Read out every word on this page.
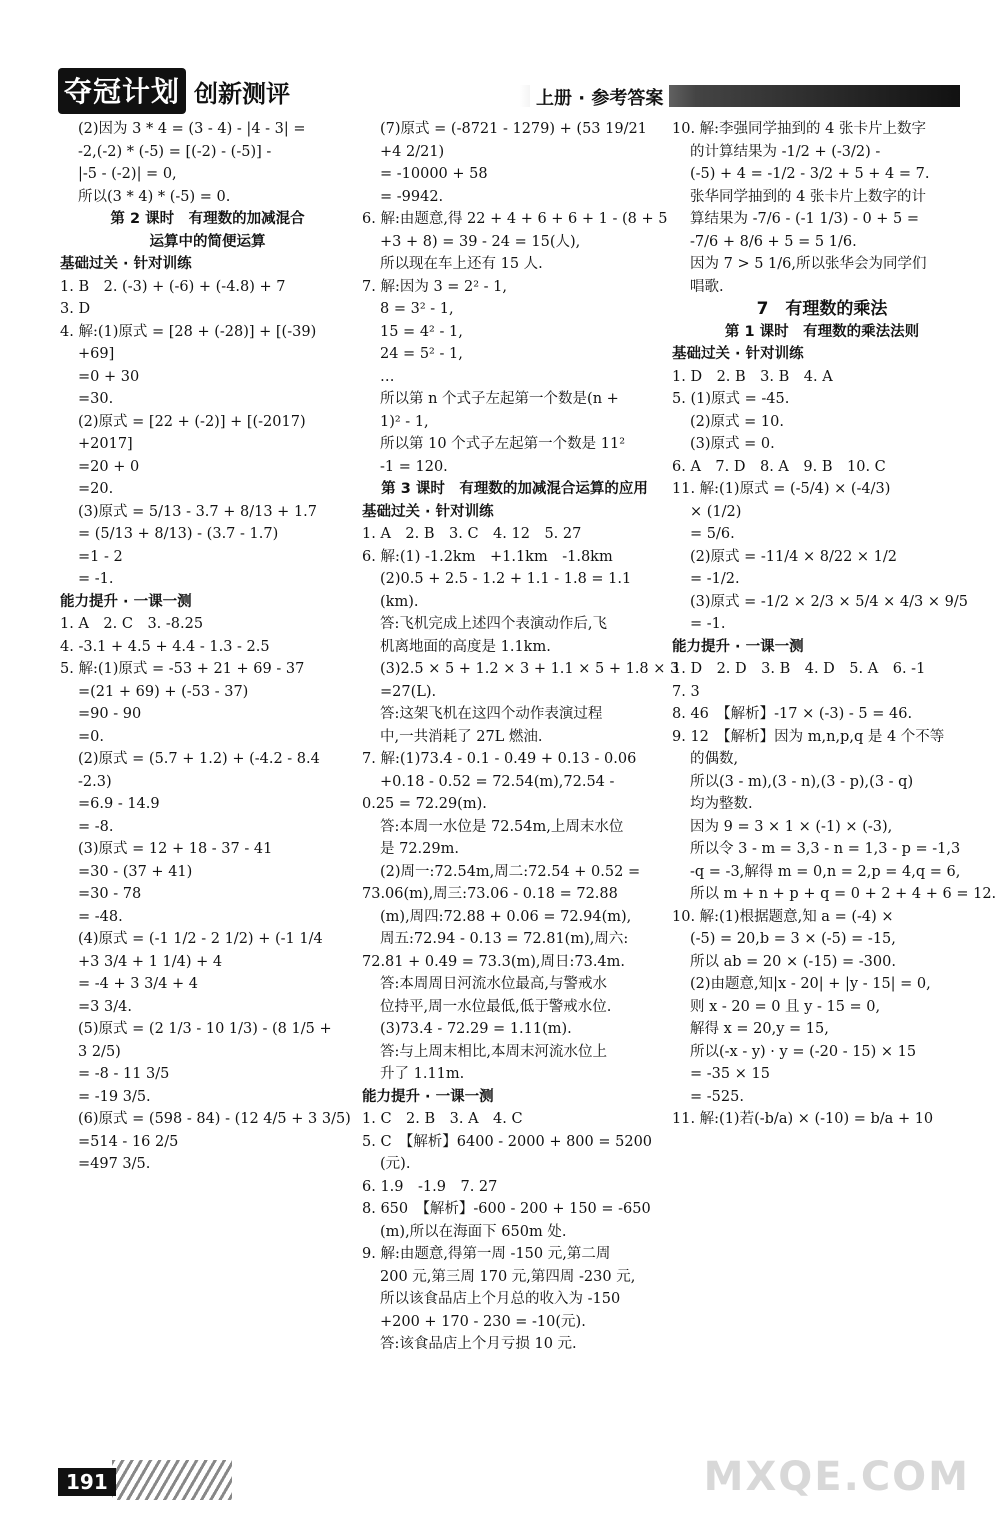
夺冠计划 创新测评	上册 · 参考答案
(2)因为 3 * 4 = (3 - 4) - |4 - 3| =
-2,(-2) * (-5) = [(-2) - (-5)] -
|-5 - (-2)| = 0,
所以(3 * 4) * (-5) = 0.
第 2 课时　有理数的加减混合
运算中的简便运算
基础过关 · 针对训练
1. B　2. (-3) + (-6) + (-4.8) + 7
3. D
4. 解:(1)原式 = [28 + (-28)] + [(-39)
+69]
=0 + 30
=30.
(2)原式 = [22 + (-2)] + [(-2017)
+2017]
=20 + 0
=20.
(3)原式 = 5/13 - 3.7 + 8/13 + 1.7
= (5/13 + 8/13) - (3.7 - 1.7)
=1 - 2
= -1.
能力提升 · 一课一测
1. A　2. C　3. -8.25
4. -3.1 + 4.5 + 4.4 - 1.3 - 2.5
5. 解:(1)原式 = -53 + 21 + 69 - 37
=(21 + 69) + (-53 - 37)
=90 - 90
=0.
(2)原式 = (5.7 + 1.2) + (-4.2 - 8.4
-2.3)
=6.9 - 14.9
= -8.
(3)原式 = 12 + 18 - 37 - 41
=30 - (37 + 41)
=30 - 78
= -48.
(4)原式 = (-1 1/2 - 2 1/2) + (-1 1/4
+3 3/4 + 1 1/4) + 4
= -4 + 3 3/4 + 4
=3 3/4.
(5)原式 = (2 1/3 - 10 1/3) - (8 1/5 +
3 2/5)
= -8 - 11 3/5
= -19 3/5.
(6)原式 = (598 - 84) - (12 4/5 + 3 3/5)
=514 - 16 2/5
=497 3/5.
(7)原式 = (-8721 - 1279) + (53 19/21
+4 2/21)
= -10000 + 58
= -9942.
6. 解:由题意,得 22 + 4 + 6 + 6 + 1 - (8 + 5
+3 + 8) = 39 - 24 = 15(人),
所以现在车上还有 15 人.
7. 解:因为 3 = 2² - 1,
8 = 3² - 1,
15 = 4² - 1,
24 = 5² - 1,
…
所以第 n 个式子左起第一个数是(n +
1)² - 1,
所以第 10 个式子左起第一个数是 11²
-1 = 120.
第 3 课时　有理数的加减混合运算的应用
基础过关 · 针对训练
1. A　2. B　3. C　4. 12　5. 27
6. 解:(1) -1.2km　+1.1km　-1.8km
(2)0.5 + 2.5 - 1.2 + 1.1 - 1.8 = 1.1
(km).
答:飞机完成上述四个表演动作后,飞
机离地面的高度是 1.1km.
(3)2.5 × 5 + 1.2 × 3 + 1.1 × 5 + 1.8 × 3
=27(L).
答:这架飞机在这四个动作表演过程
中,一共消耗了 27L 燃油.
7. 解:(1)73.4 - 0.1 - 0.49 + 0.13 - 0.06
+0.18 - 0.52 = 72.54(m),72.54 -
0.25 = 72.29(m).
答:本周一水位是 72.54m,上周末水位
是 72.29m.
(2)周一:72.54m,周二:72.54 + 0.52 =
73.06(m),周三:73.06 - 0.18 = 72.88
(m),周四:72.88 + 0.06 = 72.94(m),
周五:72.94 - 0.13 = 72.81(m),周六:
72.81 + 0.49 = 73.3(m),周日:73.4m.
答:本周周日河流水位最高,与警戒水
位持平,周一水位最低,低于警戒水位.
(3)73.4 - 72.29 = 1.11(m).
答:与上周末相比,本周末河流水位上
升了 1.11m.
能力提升 · 一课一测
1. C　2. B　3. A　4. C
5. C　【解析】6400 - 2000 + 800 = 5200
(元).
6. 1.9　-1.9　7. 27
8. 650　【解析】-600 - 200 + 150 = -650
(m),所以在海面下 650m 处.
9. 解:由题意,得第一周 -150 元,第二周
200 元,第三周 170 元,第四周 -230 元,
所以该食品店上个月总的收入为 -150
+200 + 170 - 230 = -10(元).
答:该食品店上个月亏损 10 元.
10. 解:李强同学抽到的 4 张卡片上数字
的计算结果为 -1/2 + (-3/2) -
(-5) + 4 = -1/2 - 3/2 + 5 + 4 = 7.
张华同学抽到的 4 张卡片上数字的计
算结果为 -7/6 - (-1 1/3) - 0 + 5 =
-7/6 + 8/6 + 5 = 5 1/6.
因为 7 > 5 1/6,所以张华会为同学们
唱歌.
7　有理数的乘法
第 1 课时　有理数的乘法法则
基础过关 · 针对训练
1. D　2. B　3. B　4. A
5. (1)原式 = -45.
(2)原式 = 10.
(3)原式 = 0.
6. A　7. D　8. A　9. B　10. C
11. 解:(1)原式 = (-5/4) × (-4/3)
× (1/2)
= 5/6.
(2)原式 = -11/4 × 8/22 × 1/2
= -1/2.
(3)原式 = -1/2 × 2/3 × 5/4 × 4/3 × 9/5
= -1.
能力提升 · 一课一测
1. D　2. D　3. B　4. D　5. A　6. -1
7. 3
8. 46　【解析】-17 × (-3) - 5 = 46.
9. 12　【解析】因为 m,n,p,q 是 4 个不等
的偶数,
所以(3 - m),(3 - n),(3 - p),(3 - q)
均为整数.
因为 9 = 3 × 1 × (-1) × (-3),
所以令 3 - m = 3,3 - n = 1,3 - p = -1,3
-q = -3,解得 m = 0,n = 2,p = 4,q = 6,
所以 m + n + p + q = 0 + 2 + 4 + 6 = 12.
10. 解:(1)根据题意,知 a = (-4) ×
(-5) = 20,b = 3 × (-5) = -15,
所以 ab = 20 × (-15) = -300.
(2)由题意,知|x - 20| + |y - 15| = 0,
则 x - 20 = 0 且 y - 15 = 0,
解得 x = 20,y = 15,
所以(-x - y) · y = (-20 - 15) × 15
= -35 × 15
= -525.
11. 解:(1)若(-b/a) × (-10) = b/a + 10
191	MXQE.COM
